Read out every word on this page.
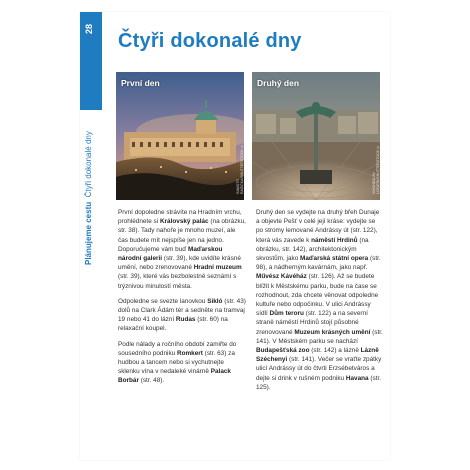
28
Plánujeme cestu  Čtyři dokonalé dny
Čtyři dokonalé dny
První den
SAMOTO RAŠIĆKA/SHUTTERSTOCK ©
Druhý den
VIACHESLAV LOPATIN/SHUTTERSTOCK ©

První dopoledne strávíte na Hradním vrchu, prohlédnete si Královský palác (na obrázku, str. 38). Tady nahoře je mnoho muzeí, ale čas budete mít nejspíše jen na jedno. Doporučujeme vám buď Maďarskou národní galerii (str. 39), kde uvidíte krásné umění, nebo zrenovované Hradní muzeum (str. 39), které vás bezbolestně seznámí s trýznivou minulostí města.

Odpoledne se svezte lanovkou Sikló (str. 43) dolů na Clark Ádám tér a sedněte na tramvaj 19 nebo 41 do lázní Rudas (str. 60) na relaxační koupel.

Podle nálady a ročního období zamiřte do sousedního podniku Romkert (str. 63) za hudbou a tancem nebo si vychutnejte sklenku vína v nedaleké vinárně Palack Borbár (str. 48).

Druhý den se vydejte na druhý břeh Dunaje a objevte Pešť v celé její kráse: vydejte se po stromy lemované Andrássy út (str. 122), která vás zavede k náměstí Hrdinů (na obrázku, str. 142), architektonickým skvostům, jako Maďarská státní opera (str. 98), a nádherným kavárnám, jako např. Művész Kávéház (str. 126). Až se budete blížit k Městskému parku, bude na čase se rozhodnout, zda chcete věnovat odpoledne kultuře nebo odpočinku. V ulici Andrássy sídlí Dům teroru (str. 122) a na severní straně náměstí Hrdinů stojí působné zrenovované Muzeum krásných umění (str. 141). V Městském parku se nachází Budapešťská zoo (str. 142) a lázně Lázně Széchenyi (str. 141). Večer se vraťte zpátky ulicí Andrássy út do čtvrti Erzsébetváros a dejte si drink v rušném podniku Havana (str. 125).
